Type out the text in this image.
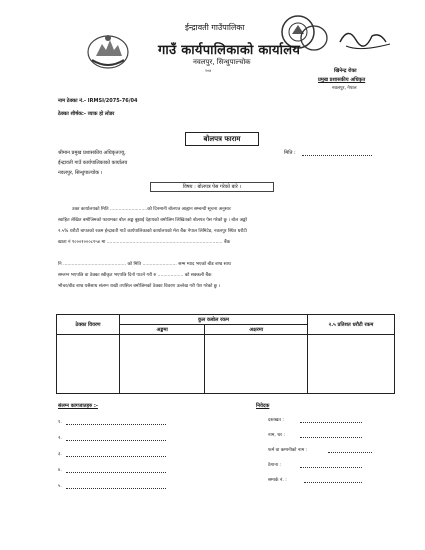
ईन्द्रावती गाउँपालिका
गाउँ कार्यपालिकाको कार्यालय
नवलपुर, सिन्धुपाल्चोक
२०४	खिनेन्द्र रोका
प्रमुख प्रशासकीय अधिकृत
नवलपुर, नेपाल
नाम ठेक्का नं.- IRMSI/2075-76/04
ठेक्का शीर्षक:- व्याक हो लोडर
बोलपत्र फाराम
श्रीमान प्रमुख प्रशासकीय अधिकृतज्यू,	मिति :
ईन्द्रावती गाउँ कार्यपालिकाको कार्यालय
नवलपुर, सिन्धुपाल्चोक ।
विषय : बोलपत्र पेस गरेको बारे ।
उक्त कार्यालयको मिति ..........................को दिनमानी बोलपत्र आह्वान सम्बन्धी सूचना अनुसार
स्वाहित लेखित बमोजिमको फारामका बोल अङ्क बुझाई देहायको बमोजिम लिखितको बोलपत्र पेस गरेको छु । बोल अङ्को
२.५% धरौटी बापतको रकम ईन्द्रावती गाउँ कार्यपालिकाको कार्यालयको मेरा बैंक नेपाल लिमिटेड, नवलपुर स्थित धरौटी
खाता नं ९०००१०००८१५४ मा ................................................................................. बैंक
नि ............................................ को मिति ........................ सम्म म्याद भएको बीड बण्ड साथ
सम्लग्न भएपछि वा ठेक्का स्वीकृत भएपछि दिनो पाउने गरी रु .................. को सक्कली बैंक
भौचर/बीड बण्ड यसैसाथ संलग्न राखी तपसिल बमोजिमको ठेक्का विवरण उल्लेख गरी पेश गरेको छु ।
ठेक्का विवरण	कुल कबोल रकम		२.५ प्रतिशत धरौटी रकम
	अङ्कमा	अक्षरमा	

संलग्न कागजातहरु :-
१.
२.
३.
४.
५.
निवेदक
दस्तखत :
नाम, थर :
फर्म वा कम्पनीको नाम :
ठेगाना :
सम्पर्क नं. :
